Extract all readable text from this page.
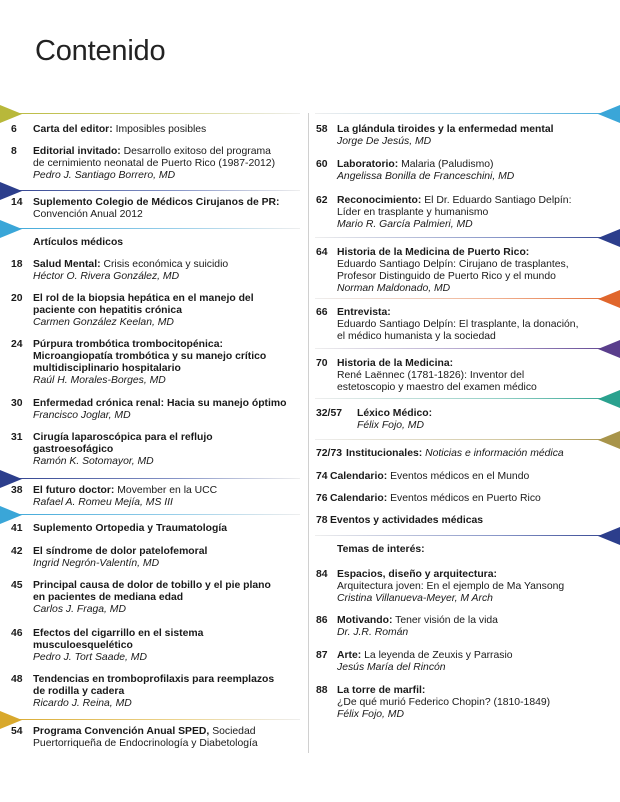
Contenido
6 Carta del editor: Imposibles posibles
8 Editorial invitado: Desarrollo exitoso del programa
de cernimiento neonatal de Puerto Rico (1987-2012)
Pedro J. Santiago Borrero, MD
14 Suplemento Colegio de Médicos Cirujanos de PR:
Convención Anual 2012
Artículos médicos
18 Salud Mental: Crisis económica y suicidio
Héctor O. Rivera González, MD
20 El rol de la biopsia hepática en el manejo del
paciente con hepatitis crónica
Carmen González Keelan, MD
24 Púrpura trombótica trombocitopénica:
Microangiopatía trombótica y su manejo crítico
multidisciplinario hospitalario
Raúl H. Morales-Borges, MD
30 Enfermedad crónica renal: Hacia su manejo óptimo
Francisco Joglar, MD
31 Cirugía laparoscópica para el reflujo
gastroesofágico
Ramón K. Sotomayor, MD
38 El futuro doctor: Movember en la UCC
Rafael A. Romeu Mejía, MS III
41 Suplemento Ortopedia y Traumatología
42 El síndrome de dolor patelofemoral
Ingrid Negrón-Valentín, MD
45 Principal causa de dolor de tobillo y el pie plano
en pacientes de mediana edad
Carlos J. Fraga, MD
46 Efectos del cigarrillo en el sistema
musculoesquelético
Pedro J. Tort Saade, MD
48 Tendencias en tromboprofilaxis para reemplazos
de rodilla y cadera
Ricardo J. Reina, MD
54 Programa Convención Anual SPED, Sociedad
Puertorriqueña de Endocrinología y Diabetología
58 La glándula tiroides y la enfermedad mental
Jorge De Jesús, MD
60 Laboratorio: Malaria (Paludismo)
Angelissa Bonilla de Franceschini, MD
62 Reconocimiento: El Dr. Eduardo Santiago Delpín:
Líder en trasplante y humanismo
Mario R. García Palmieri, MD
64 Historia de la Medicina de Puerto Rico:
Eduardo Santiago Delpín: Cirujano de trasplantes,
Profesor Distinguido de Puerto Rico y el mundo
Norman Maldonado, MD
66 Entrevista:
Eduardo Santiago Delpín: El trasplante, la donación,
el médico humanista y la sociedad
70 Historia de la Medicina:
René Laënnec (1781-1826): Inventor del
estetoscopio y maestro del examen médico
32/57 Léxico Médico:
Félix Fojo, MD
72/73 Institucionales: Noticias e información médica
74 Calendario: Eventos médicos en el Mundo
76 Calendario: Eventos médicos en Puerto Rico
78 Eventos y actividades médicas
Temas de interés:
84 Espacios, diseño y arquitectura:
Arquitectura joven: En el ejemplo de Ma Yansong
Cristina Villanueva-Meyer, M Arch
86 Motivando: Tener visión de la vida
Dr. J.R. Román
87 Arte: La leyenda de Zeuxis y Parrasio
Jesús María del Rincón
88 La torre de marfil:
¿De qué murió Federico Chopin? (1810-1849)
Félix Fojo, MD
